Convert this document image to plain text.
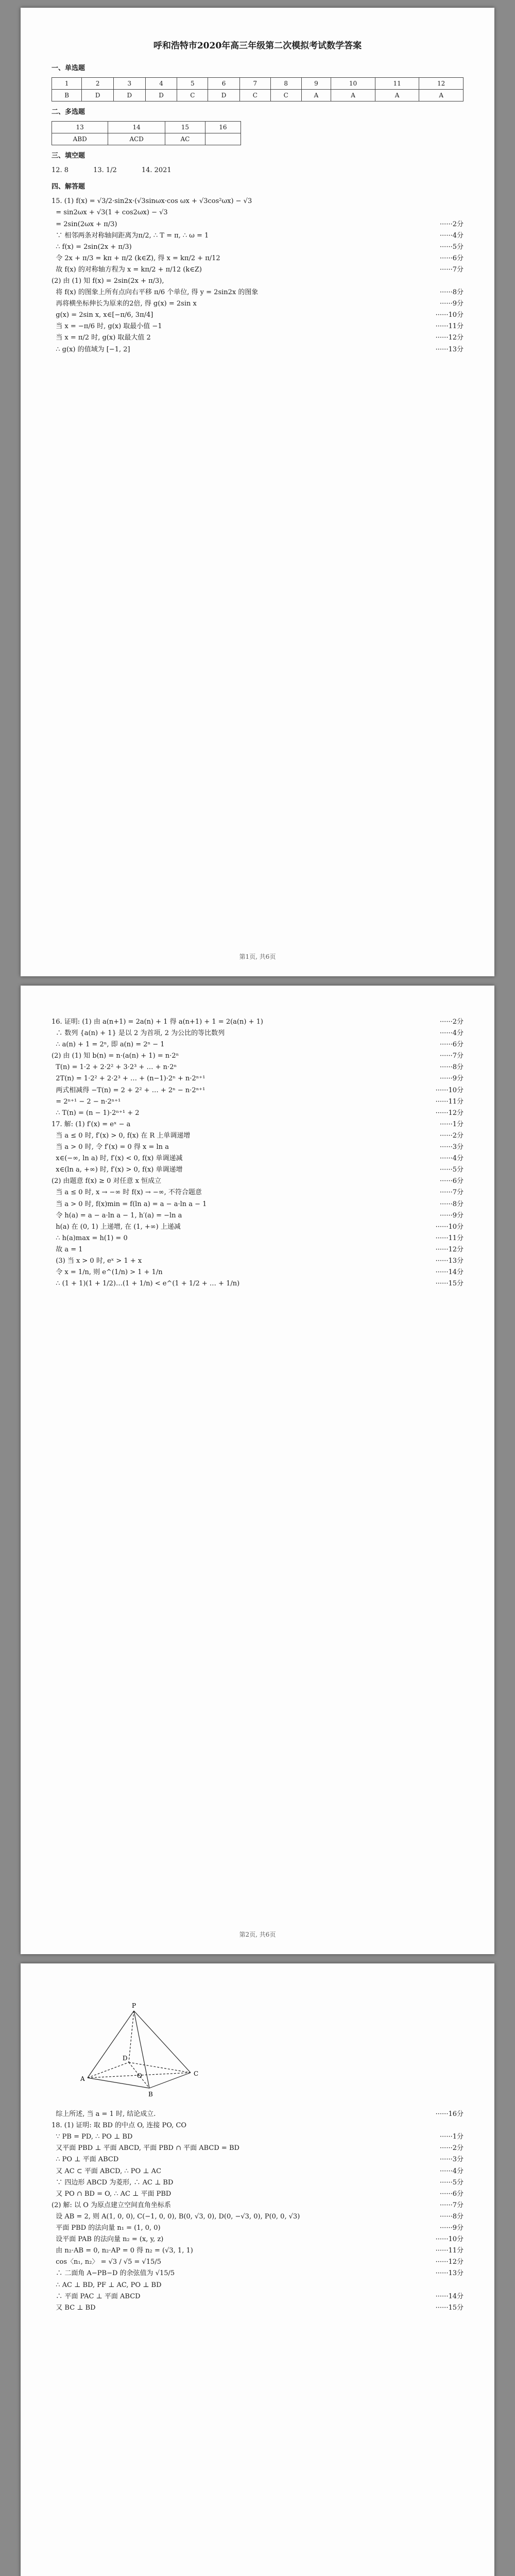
呼和浩特市2020年高三年级第二次模拟考试数学答案
一、单选题
1	2	3	4	5	6	7	8	9	10	11	12
B	D	D	D	C	D	C	C	A	A	A	A
二、多选题
13	14	15	16
ABD	ACD	AC	
三、填空题
12. 8	13. 1/2	14. 2021
四、解答题
15. (1) f(x) = √3/2·sin2x·(√3sinωx·cos ωx + √3cos²ωx) − √3
= sin2ωx + √3(1 + cos2ωx) − √3
= 2sin(2ωx + π/3)	······2分
∵ 相邻两条对称轴间距离为π/2, ∴ T = π, ∴ ω = 1	······4分
∴ f(x) = 2sin(2x + π/3)	······5分
令 2x + π/3 = kπ + π/2 (k∈Z), 得 x = kπ/2 + π/12	······6分
故 f(x) 的对称轴方程为 x = kπ/2 + π/12 (k∈Z)	······7分
(2) 由 (1) 知 f(x) = 2sin(2x + π/3),
将 f(x) 的图象上所有点向右平移 π/6 个单位, 得 y = 2sin2x 的图象	······8分
再将横坐标伸长为原来的2倍, 得 g(x) = 2sin x	······9分
g(x) = 2sin x, x∈[−π/6, 3π/4]	······10分
当 x = −π/6 时, g(x) 取最小值 −1	······11分
当 x = π/2 时, g(x) 取最大值 2	······12分
∴ g(x) 的值域为 [−1, 2]	······13分
第1页, 共6页
16. 证明: (1) 由 a(n+1) = 2a(n) + 1 得 a(n+1) + 1 = 2(a(n) + 1)	······2分
∴ 数列 {a(n) + 1} 是以 2 为首项, 2 为公比的等比数列	······4分
∴ a(n) + 1 = 2ⁿ, 即 a(n) = 2ⁿ − 1	······6分
(2) 由 (1) 知 b(n) = n·(a(n) + 1) = n·2ⁿ	······7分
T(n) = 1·2 + 2·2² + 3·2³ + … + n·2ⁿ	······8分
2T(n) = 1·2² + 2·2³ + … + (n−1)·2ⁿ + n·2ⁿ⁺¹	······9分
两式相减得 −T(n) = 2 + 2² + … + 2ⁿ − n·2ⁿ⁺¹	······10分
= 2ⁿ⁺¹ − 2 − n·2ⁿ⁺¹	······11分
∴ T(n) = (n − 1)·2ⁿ⁺¹ + 2	······12分
17. 解: (1) f′(x) = eˣ − a	······1分
当 a ≤ 0 时, f′(x) > 0, f(x) 在 R 上单调递增	······2分
当 a > 0 时, 令 f′(x) = 0 得 x = ln a	······3分
x∈(−∞, ln a) 时, f′(x) < 0, f(x) 单调递减	······4分
x∈(ln a, +∞) 时, f′(x) > 0, f(x) 单调递增	······5分
(2) 由题意 f(x) ≥ 0 对任意 x 恒成立	······6分
当 a ≤ 0 时, x → −∞ 时 f(x) → −∞, 不符合题意	······7分
当 a > 0 时, f(x)min = f(ln a) = a − a·ln a − 1	······8分
令 h(a) = a − a·ln a − 1, h′(a) = −ln a	······9分
h(a) 在 (0, 1) 上递增, 在 (1, +∞) 上递减	······10分
∴ h(a)max = h(1) = 0	······11分
故 a = 1	······12分
(3) 当 x > 0 时, eˣ > 1 + x	······13分
令 x = 1/n, 则 e^(1/n) > 1 + 1/n	······14分
∴ (1 + 1)(1 + 1/2)…(1 + 1/n) < e^(1 + 1/2 + … + 1/n)	······15分
第2页, 共6页
P
A
B
C
D
O
综上所述, 当 a = 1 时, 结论成立.	······16分
18. (1) 证明: 取 BD 的中点 O, 连接 PO, CO
∵ PB = PD, ∴ PO ⊥ BD	······1分
又平面 PBD ⊥ 平面 ABCD, 平面 PBD ∩ 平面 ABCD = BD	······2分
∴ PO ⊥ 平面 ABCD	······3分
又 AC ⊂ 平面 ABCD, ∴ PO ⊥ AC	······4分
∵ 四边形 ABCD 为菱形, ∴ AC ⊥ BD	······5分
又 PO ∩ BD = O, ∴ AC ⊥ 平面 PBD	······6分
(2) 解: 以 O 为原点建立空间直角坐标系	······7分
设 AB = 2, 则 A(1, 0, 0), C(−1, 0, 0), B(0, √3, 0), D(0, −√3, 0), P(0, 0, √3)	······8分
平面 PBD 的法向量 n₁ = (1, 0, 0)	······9分
设平面 PAB 的法向量 n₂ = (x, y, z)	······10分
由 n₂·AB = 0, n₂·AP = 0 得 n₂ = (√3, 1, 1)	······11分
cos〈n₁, n₂〉 = √3 / √5 = √15/5	······12分
∴ 二面角 A−PB−D 的余弦值为 √15/5	······13分
∴ AC ⊥ BD, PF ⊥ AC, PO ⊥ BD
∴ 平面 PAC ⊥ 平面 ABCD	······14分
又 BC ⊥ BD	······15分
